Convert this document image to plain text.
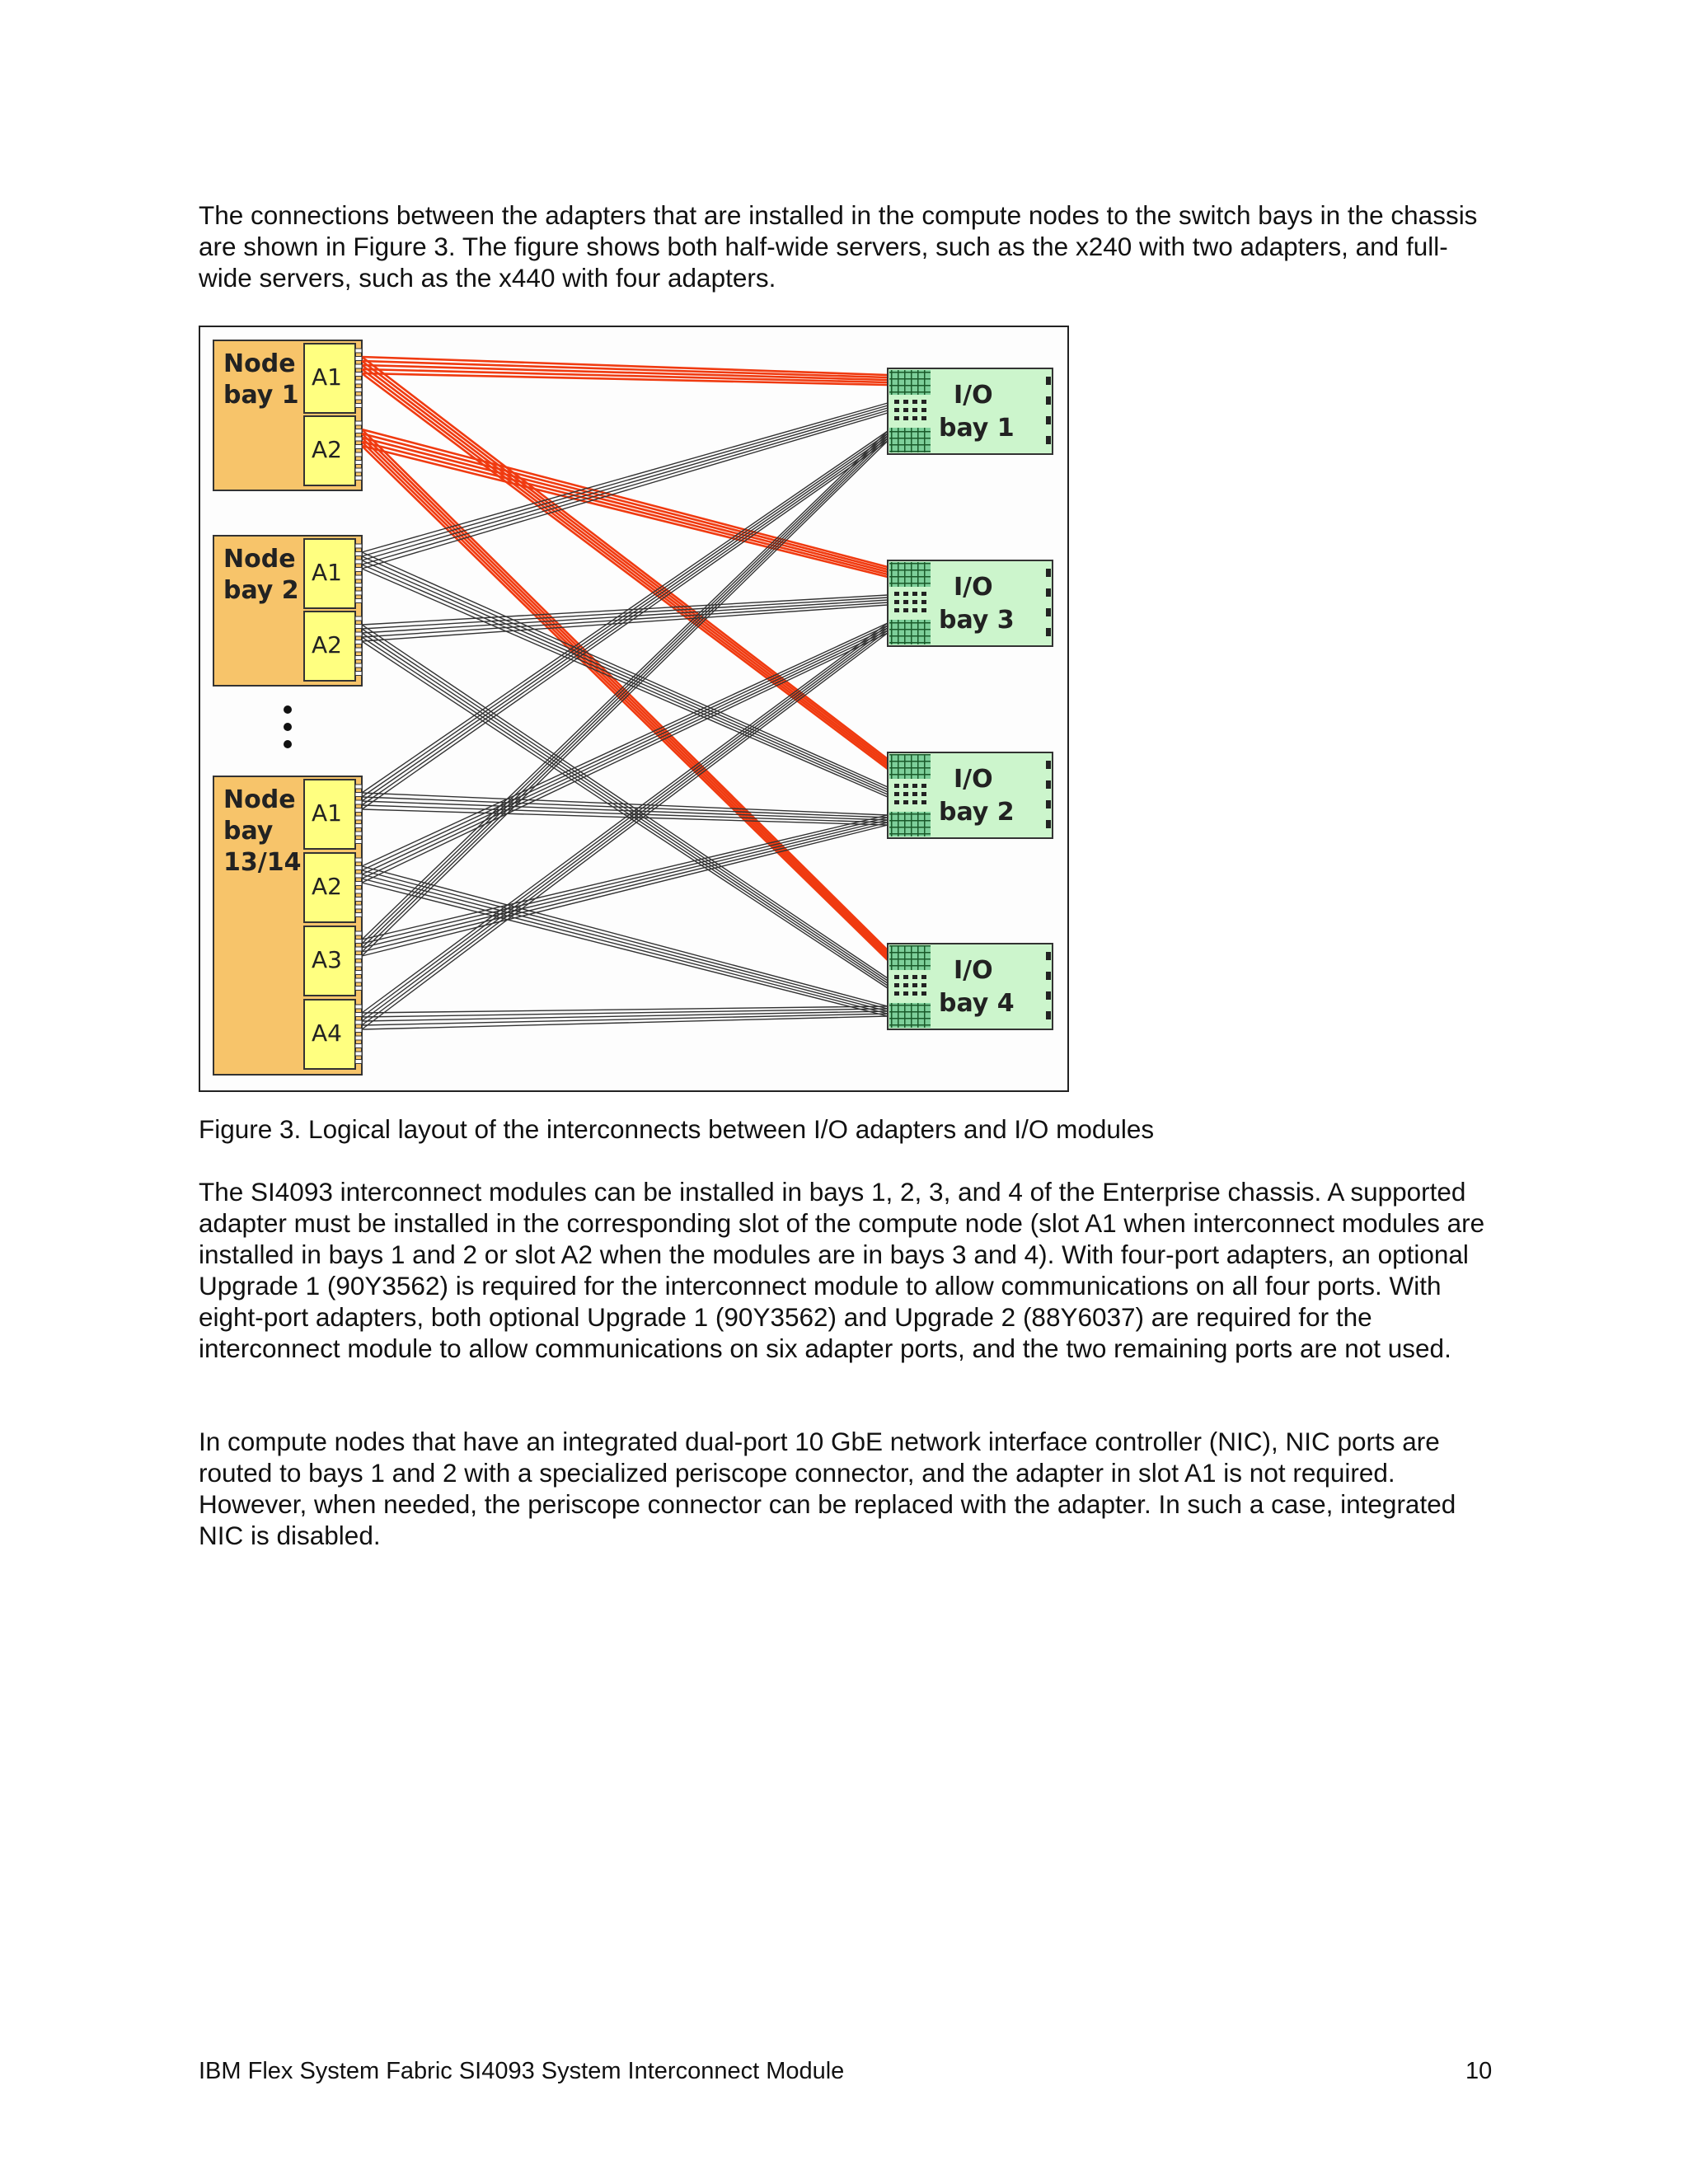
The connections between the adapters that are installed in the compute nodes to the switch bays in the chassis are shown in Figure 3. The figure shows both half-wide servers, such as the x240 with two adapters, and full-wide servers, such as the x440 with four adapters.

Node
bay 1
Node
bay 2
Node
bay
13/14
A1
A2
A1
A2
A1
A2
A3
A4
I/O
bay 1
I/O
bay 3
I/O
bay 2
I/O
bay 4

Figure 3. Logical layout of the interconnects between I/O adapters and I/O modules

The SI4093 interconnect modules can be installed in bays 1, 2, 3, and 4 of the Enterprise chassis. A supported adapter must be installed in the corresponding slot of the compute node (slot A1 when interconnect modules are installed in bays 1 and 2 or slot A2 when the modules are in bays 3 and 4). With four-port adapters, an optional Upgrade 1 (90Y3562) is required for the interconnect module to allow communications on all four ports. With eight-port adapters, both optional Upgrade 1 (90Y3562) and Upgrade 2 (88Y6037) are required for the interconnect module to allow communications on six adapter ports, and the two remaining ports are not used.

In compute nodes that have an integrated dual-port 10 GbE network interface controller (NIC), NIC ports are routed to bays 1 and 2 with a specialized periscope connector, and the adapter in slot A1 is not required. However, when needed, the periscope connector can be replaced with the adapter. In such a case, integrated NIC is disabled.

IBM Flex System Fabric SI4093 System Interconnect Module	10
